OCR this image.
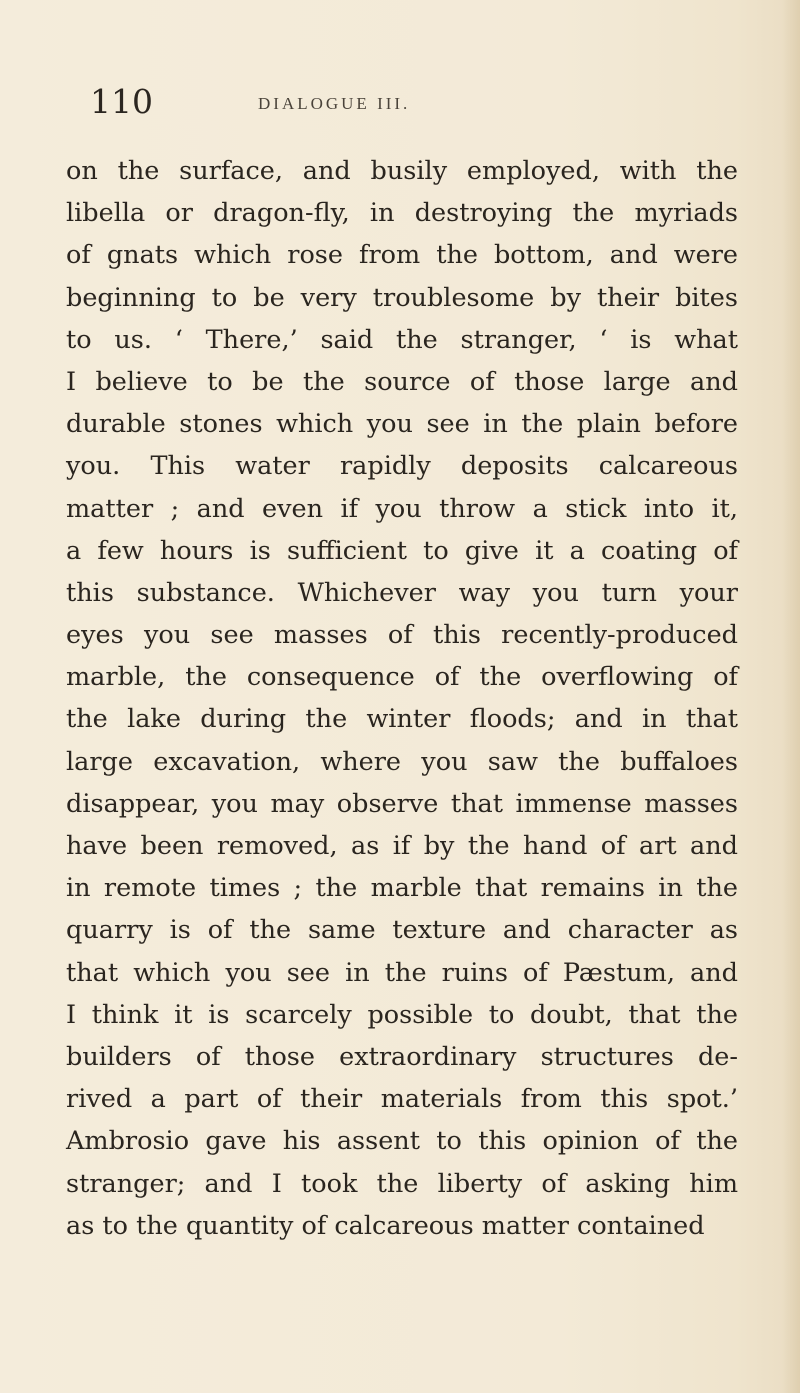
110	DIALOGUE III.
on the surface, and busily employed, with the
libella or dragon-fly, in destroying the myriads
of gnats which rose from the bottom, and were
beginning to be very troublesome by their bites
to us. ‘ There,’ said the stranger, ‘ is what
I believe to be the source of those large and
durable stones which you see in the plain before
you. This water rapidly deposits calcareous
matter ; and even if you throw a stick into it,
a few hours is sufficient to give it a coating of
this substance. Whichever way you turn your
eyes you see masses of this recently-produced
marble, the consequence of the overflowing of
the lake during the winter floods; and in that
large excavation, where you saw the buffaloes
disappear, you may observe that immense masses
have been removed, as if by the hand of art and
in remote times ; the marble that remains in the
quarry is of the same texture and character as
that which you see in the ruins of Pæstum, and
I think it is scarcely possible to doubt, that the
builders of those extraordinary structures de-
rived a part of their materials from this spot.’
Ambrosio gave his assent to this opinion of the
stranger; and I took the liberty of asking him
as to the quantity of calcareous matter contained
